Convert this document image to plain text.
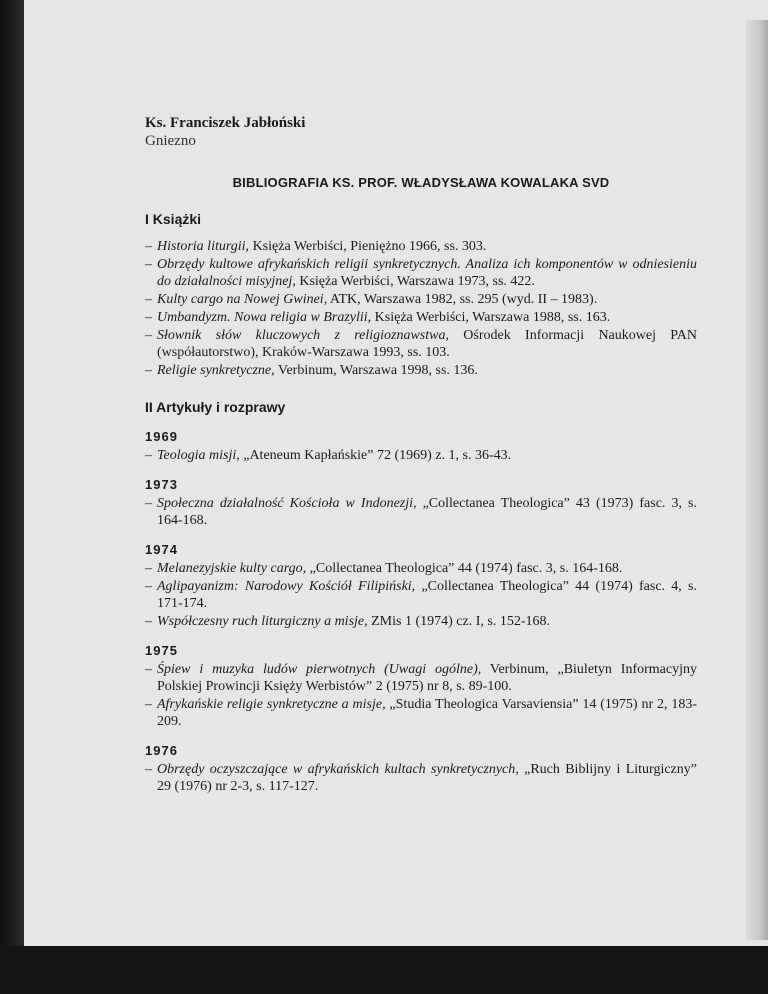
Ks. Franciszek Jabłoński
Gniezno
BIBLIOGRAFIA KS. PROF. WŁADYSŁAWA KOWALAKA SVD
I Książki
– Historia liturgii, Księża Werbiści, Pieniężno 1966, ss. 303.
– Obrzędy kultowe afrykańskich religii synkretycznych. Analiza ich komponentów w odniesieniu do działalności misyjnej, Księża Werbiści, Warszawa 1973, ss. 422.
– Kulty cargo na Nowej Gwinei, ATK, Warszawa 1982, ss. 295 (wyd. II – 1983).
– Umbandyzm. Nowa religia w Brazylii, Księża Werbiści, Warszawa 1988, ss. 163.
– Słownik słów kluczowych z religioznawstwa, Ośrodek Informacji Naukowej PAN (współautorstwo), Kraków-Warszawa 1993, ss. 103.
– Religie synkretyczne, Verbinum, Warszawa 1998, ss. 136.
II Artykuły i rozprawy
1969
– Teologia misji, „Ateneum Kapłańskie” 72 (1969) z. 1, s. 36-43.
1973
– Społeczna działalność Kościoła w Indonezji, „Collectanea Theologica” 43 (1973) fasc. 3, s. 164-168.
1974
– Melanezyjskie kulty cargo, „Collectanea Theologica” 44 (1974) fasc. 3, s. 164-168.
– Aglipayanizm: Narodowy Kościół Filipiński, „Collectanea Theologica” 44 (1974) fasc. 4, s. 171-174.
– Współczesny ruch liturgiczny a misje, ZMis 1 (1974) cz. I, s. 152-168.
1975
– Śpiew i muzyka ludów pierwotnych (Uwagi ogólne), Verbinum, „Biuletyn Informacyjny Polskiej Prowincji Księży Werbistów” 2 (1975) nr 8, s. 89-100.
– Afrykańskie religie synkretyczne a misje, „Studia Theologica Varsaviensia” 14 (1975) nr 2, 183-209.
1976
– Obrzędy oczyszczające w afrykańskich kultach synkretycznych, „Ruch Biblijny i Liturgiczny” 29 (1976) nr 2-3, s. 117-127.
